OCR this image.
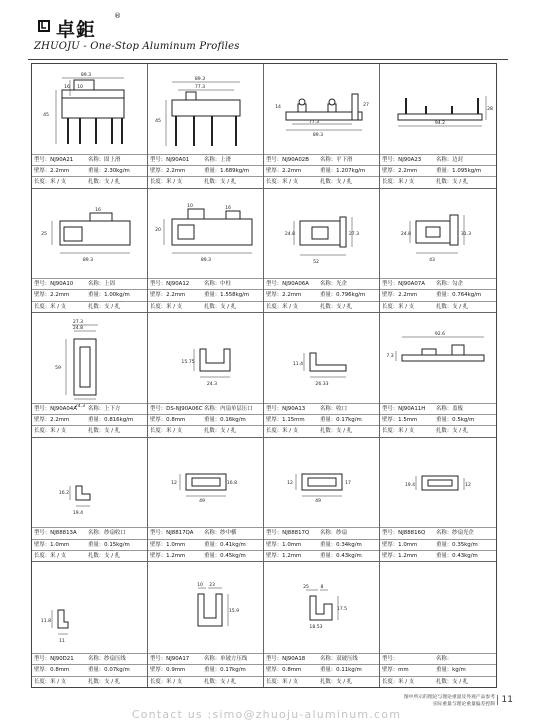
卓鉅
®
ZHUOJU - One-Stop Aluminum Profiles
89.3
10
16
45
型号：NJ90A21	名称：固上滑
壁厚：2.2mm	重量：2.30kg/m
长度：米 / 支	扎数：支 / 扎
89.3
77.3
45
型号：NJ90A01	名称：上滑
壁厚：2.2mm	重量：1.689kg/m
长度：米 / 支	扎数：支 / 扎
14	27
77.3
89.3
型号：NJ90A02B 名称：平下滑
壁厚：2.2mm	重量：1.207kg/m
长度：米 / 支	扎数：支 / 扎
94.2
28
型号：NJ90A23	名称：边封
壁厚：2.2mm	重量：1.095kg/m
长度：米 / 支	扎数：支 / 扎
16
25
89.3
型号：NJ90A10	名称：上固
壁厚：2.2mm	重量：1.00kg/m
长度：米 / 支	扎数：支 / 扎
10
20
16
89.3
型号：NJ90A12	名称：中柱
壁厚：2.2mm	重量：1.558kg/m
长度：米 / 支	扎数：支 / 扎
24.8	27.3
52
型号：NJ90A06A 名称：光企
壁厚：2.2mm	重量：0.796kg/m
长度：米 / 支	扎数：支 / 扎
24.8	31.3
43
型号：NJ90A07A 名称：勾企
壁厚：2.2mm	重量：0.764kg/m
长度：米 / 支	扎数：支 / 扎
27.3
24.8
59
24.3
型号：NJ90A04A 名称：上下方
壁厚：2.2mm	重量：0.816kg/m
长度：米 / 支	扎数：支 / 扎
15.75
24.3
型号：DS-NJ90A06C 名称：内扇单层压口
壁厚：0.8mm	重量：0.16kg/m
长度：米 / 支	扎数：支 / 扎
11.4
26.33
型号：NJ90A13	名称：收口
壁厚：1.15mm	重量：0.17kg/m
长度：米 / 支	扎数：支 / 扎
92.6
7.3
型号：NJ90A11H 名称：盖板
壁厚：1.5mm	重量：0.5kg/m
长度：米 / 支	扎数：支 / 扎
16.2
19.4
型号：NJ88813A 名称：纱扇收口
壁厚：1.0mm	重量：0.15kg/m
长度：米 / 支	扎数：支 / 扎
12	16.8
49
型号：NJ8817QA 名称：纱中横
壁厚：1.0mm	重量：0.41kg/m
壁厚：1.2mm	重量：0.45kg/m
12	17
49
型号：NJ88817Q 名称：纱扇
壁厚：1.0mm	重量：0.34kg/m
壁厚：1.2mm	重量：0.43kg/m
19.4	12
型号：NJ88816Q 名称：纱扇光企
壁厚：1.0mm	重量：0.35kg/m
壁厚：1.2mm	重量：0.43kg/m
11.8
11
型号：NJ90D21	名称：纱扇压线
壁厚：0.8mm	重量：0.07kg/m
长度：米 / 支	扎数：支 / 扎
10 23
15.9
型号：NJ90A17	名称：单玻方压线
壁厚：0.9mm	重量：0.17kg/m
长度：米 / 支	扎数：支 / 扎
25	8
17.5
18.53
型号：NJ90A18	名称：双玻压线
壁厚：0.8mm	重量：0.11kg/m
长度：米 / 支	扎数：支 / 扎
型号：	名称：
壁厚：mm	重量：kg/m
长度：米 / 支	扎数：支 / 扎
图中所示的理论与理论重量及外观产品参考
实际重量与理论重量偏差控制 11
Contact us :simo@zhuoju-aluminum.com
